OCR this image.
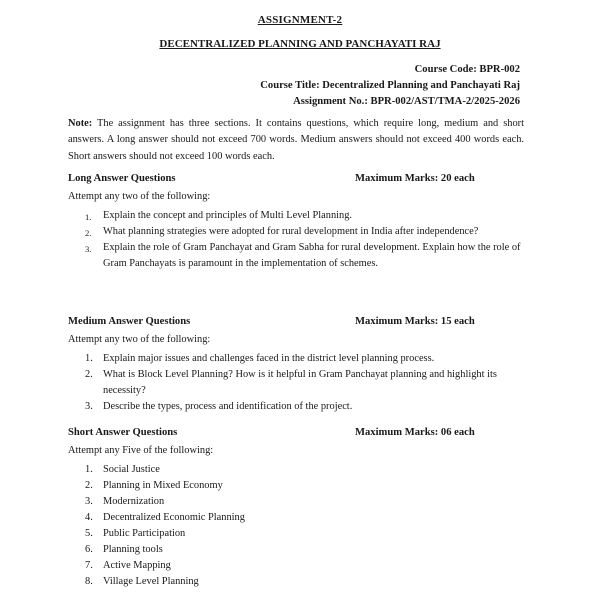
ASSIGNMENT-2
DECENTRALIZED PLANNING AND PANCHAYATI RAJ
Course Code: BPR-002
Course Title: Decentralized Planning and Panchayati Raj
Assignment No.: BPR-002/AST/TMA-2/2025-2026
Note: The assignment has three sections. It contains questions, which require long, medium and short answers. A long answer should not exceed 700 words. Medium answers should not exceed 400 words each. Short answers should not exceed 100 words each.
Long Answer Questions	Maximum Marks: 20 each
Attempt any two of the following:
1. Explain the concept and principles of Multi Level Planning.
2. What planning strategies were adopted for rural development in India after independence?
3. Explain the role of Gram Panchayat and Gram Sabha for rural development. Explain how the role of Gram Panchayats is paramount in the implementation of schemes.
Medium Answer Questions	Maximum Marks: 15 each
Attempt any two of the following:
1. Explain major issues and challenges faced in the district level planning process.
2. What is Block Level Planning? How is it helpful in Gram Panchayat planning and highlight its necessity?
3. Describe the types, process and identification of the project.
Short Answer Questions	Maximum Marks: 06 each
Attempt any Five of the following:
1. Social Justice
2. Planning in Mixed Economy
3. Modernization
4. Decentralized Economic Planning
5. Public Participation
6. Planning tools
7. Active Mapping
8. Village Level Planning
